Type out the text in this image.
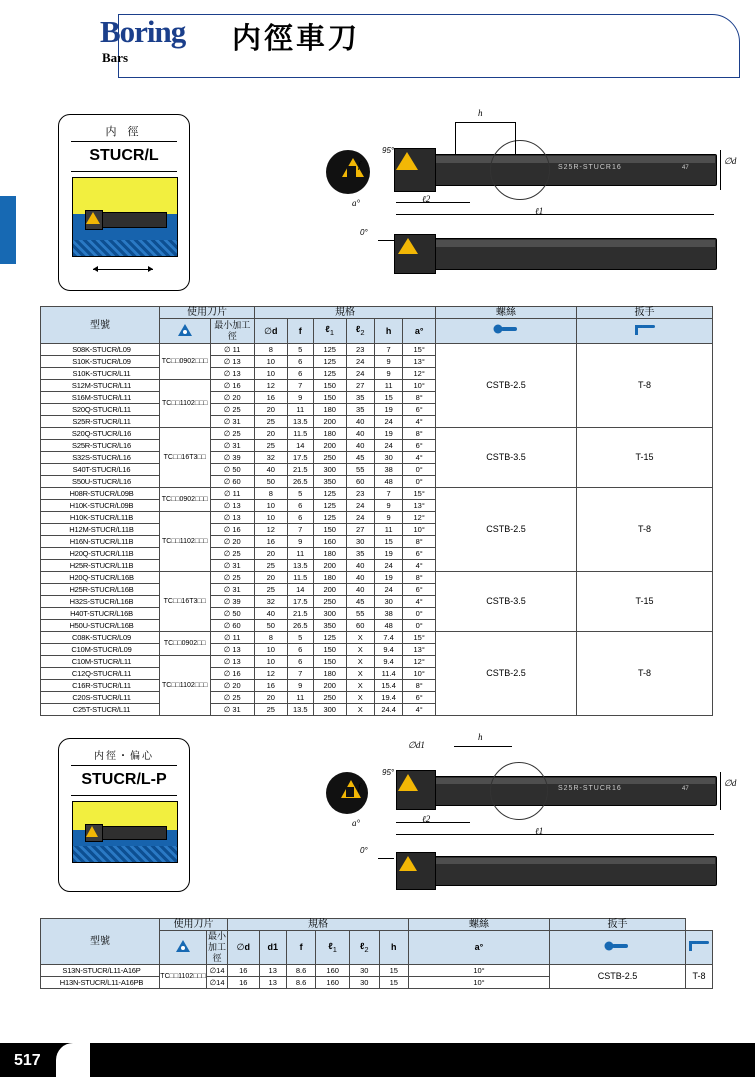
Boring
Bars
内徑車刀
内 徑
STUCR/L
S25R-STUCR16	47
h
∅d
f
95°
a°	ℓ2
ℓ1
0°
型號	使用刀片		規格						螺絲	扳手
	最小加工徑	∅d	f	ℓ$_1$	ℓ$_2$	h	a°		
S08K-STUCR/L09	TC□□0902□□□	∅ 11	8	5	125	23	7	15°	CSTB-2.5	T-8
S10K-STUCR/L09		∅ 13	10	6	125	24	9	13°		
S10K-STUCR/L11		∅ 13	10	6	125	24	9	12°		
S12M-STUCR/L11	TC□□1102□□□	∅ 16	12	7	150	27	11	10°		
S16M-STUCR/L11		∅ 20	16	9	150	35	15	8°		
S20Q-STUCR/L11		∅ 25	20	11	180	35	19	6°		
S25R-STUCR/L11		∅ 31	25	13.5	200	40	24	4°		
S20Q-STUCR/L16	TC□□16T3□□	∅ 25	20	11.5	180	40	19	8°	CSTB-3.5	T-15
S25R-STUCR/L16		∅ 31	25	14	200	40	24	6°		
S32S-STUCR/L16		∅ 39	32	17.5	250	45	30	4°		
S40T-STUCR/L16		∅ 50	40	21.5	300	55	38	0°		
S50U-STUCR/L16		∅ 60	50	26.5	350	60	48	0°		
H08R-STUCR/L09B	TC□□0902□□□	∅ 11	8	5	125	23	7	15°	CSTB-2.5	T-8
H10K-STUCR/L09B		∅ 13	10	6	125	24	9	13°		
H10K-STUCR/L11B	TC□□1102□□□	∅ 13	10	6	125	24	9	12°		
H12M-STUCR/L11B		∅ 16	12	7	150	27	11	10°		
H16N-STUCR/L11B		∅ 20	16	9	160	30	15	8°		
H20Q-STUCR/L11B		∅ 25	20	11	180	35	19	6°		
H25R-STUCR/L11B		∅ 31	25	13.5	200	40	24	4°		
H20Q-STUCR/L16B	TC□□16T3□□	∅ 25	20	11.5	180	40	19	8°	CSTB-3.5	T-15
H25R-STUCR/L16B		∅ 31	25	14	200	40	24	6°		
H32S-STUCR/L16B		∅ 39	32	17.5	250	45	30	4°		
H40T-STUCR/L16B		∅ 50	40	21.5	300	55	38	0°		
H50U-STUCR/L16B		∅ 60	50	26.5	350	60	48	0°		
C08K-STUCR/L09	TC□□0902□□	∅ 11	8	5	125	X	7.4	15°	CSTB-2.5	T-8
C10M-STUCR/L09		∅ 13	10	6	150	X	9.4	13°		
C10M-STUCR/L11	TC□□1102□□□	∅ 13	10	6	150	X	9.4	12°		
C12Q-STUCR/L11		∅ 16	12	7	180	X	11.4	10°		
C16R-STUCR/L11		∅ 20	16	9	200	X	15.4	8°		
C20S-STUCR/L11		∅ 25	20	11	250	X	19.4	6°		
C25T-STUCR/L11		∅ 31	25	13.5	300	X	24.4	4°		
内徑・偏心
STUCR/L-P
S25R-STUCR16	47
h
∅d1
∅d
f
95°
a°	ℓ2
ℓ1
0°
型號	使用刀片		規格						螺絲	扳手	
	最小加工徑	∅d	d1	f	ℓ$_1$	ℓ$_2$	h	a°		
S13N-STUCR/L11-A16P	TC□□1102□□□	∅14	16	13	8.6	160	30	15	10°	CSTB-2.5	T-8
H13N-STUCR/L11-A16PB		∅14	16	13	8.6	160	30	15	10°		
517
